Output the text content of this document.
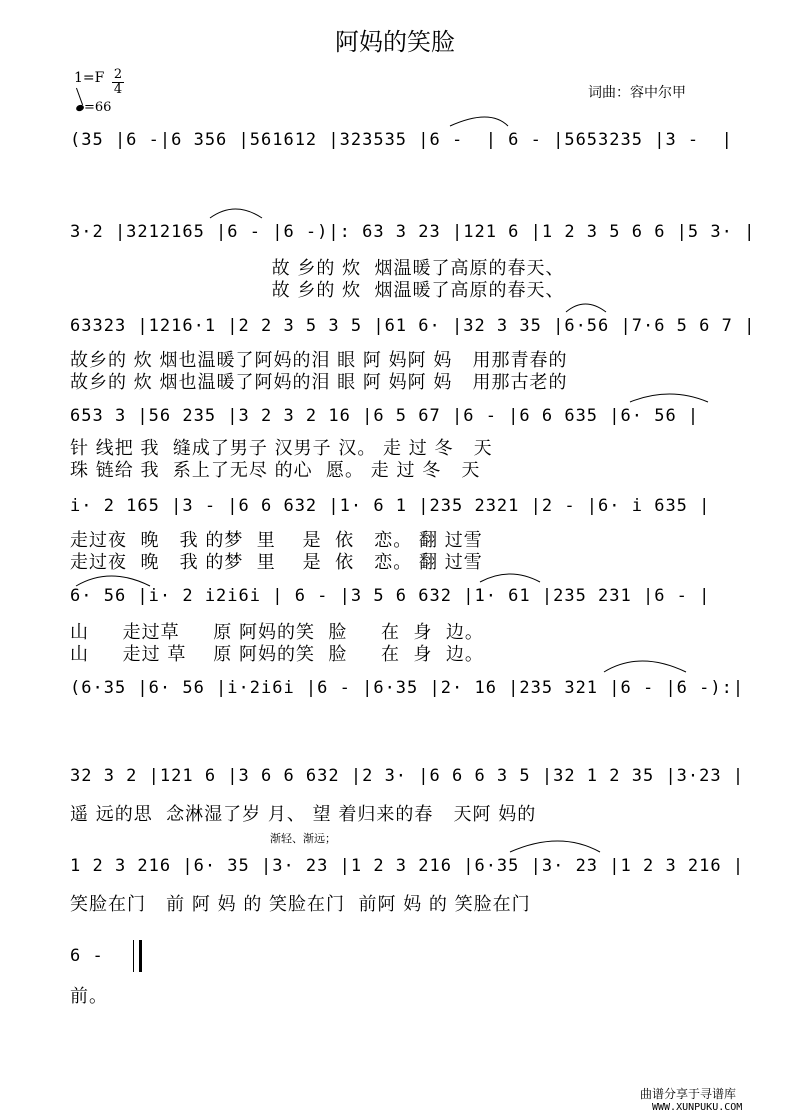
阿妈的笑脸
1=F 2
4
=66
词曲：容中尔甲
(35 |6 -|6 356 |561612 |323535 |6 -  | 6 - |5653235 |3 -  |
3·2 |3212165 |6 - |6 -)|: 63 3 23 |121 6 |1 2 3 5 6 6 |5 3· |
故 乡的 炊  烟温暖了高原的春天、
故 乡的 炊  烟温暖了高原的春天、
63323 |1216·1 |2 2 3 5 3 5 |61 6· |32 3 35 |6·56 |7·6 5 6 7 |
故乡的 炊 烟也温暖了阿妈的泪 眼 阿 妈阿 妈   用那青春的
故乡的 炊 烟也温暖了阿妈的泪 眼 阿 妈阿 妈   用那古老的
653 3 |56 235 |3 2 3 2 16 |6 5 67 |6 - |6 6 635 |6· 56 |
针 线把 我  缝成了男子 汉男子 汉。 走 过 冬   天
珠 链给 我  系上了无尽 的心  愿。 走 过 冬   天
i· 2 165 |3 - |6 6 632 |1· 6 1 |235 2321 |2 - |6· i 635 |
走过夜  晚   我 的梦  里    是  依   恋。 翻 过雪
走过夜  晚   我 的梦  里    是  依   恋。 翻 过雪
6· 56 |i· 2 i2i6i | 6 - |3 5 6 632 |1· 61 |235 231 |6 - |
山     走过草     原 阿妈的笑  脸     在  身  边。
山     走过 草    原 阿妈的笑  脸     在  身  边。
(6·35 |6· 56 |i·2i6i |6 - |6·35 |2· 16 |235 321 |6 - |6 -):|
32 3 2 |121 6 |3 6 6 632 |2 3· |6 6 6 3 5 |32 1 2 35 |3·23 |
遥 远的思  念淋湿了岁 月、 望 着归来的春   天阿 妈的
渐轻、渐远；
1 2 3 216 |6· 35 |3· 23 |1 2 3 216 |6·35 |3· 23 |1 2 3 216 |
笑脸在门   前 阿 妈 的 笑脸在门  前阿 妈 的 笑脸在门
6 -
前。
曲谱分享于寻谱库
WWW.XUNPUKU.COM
